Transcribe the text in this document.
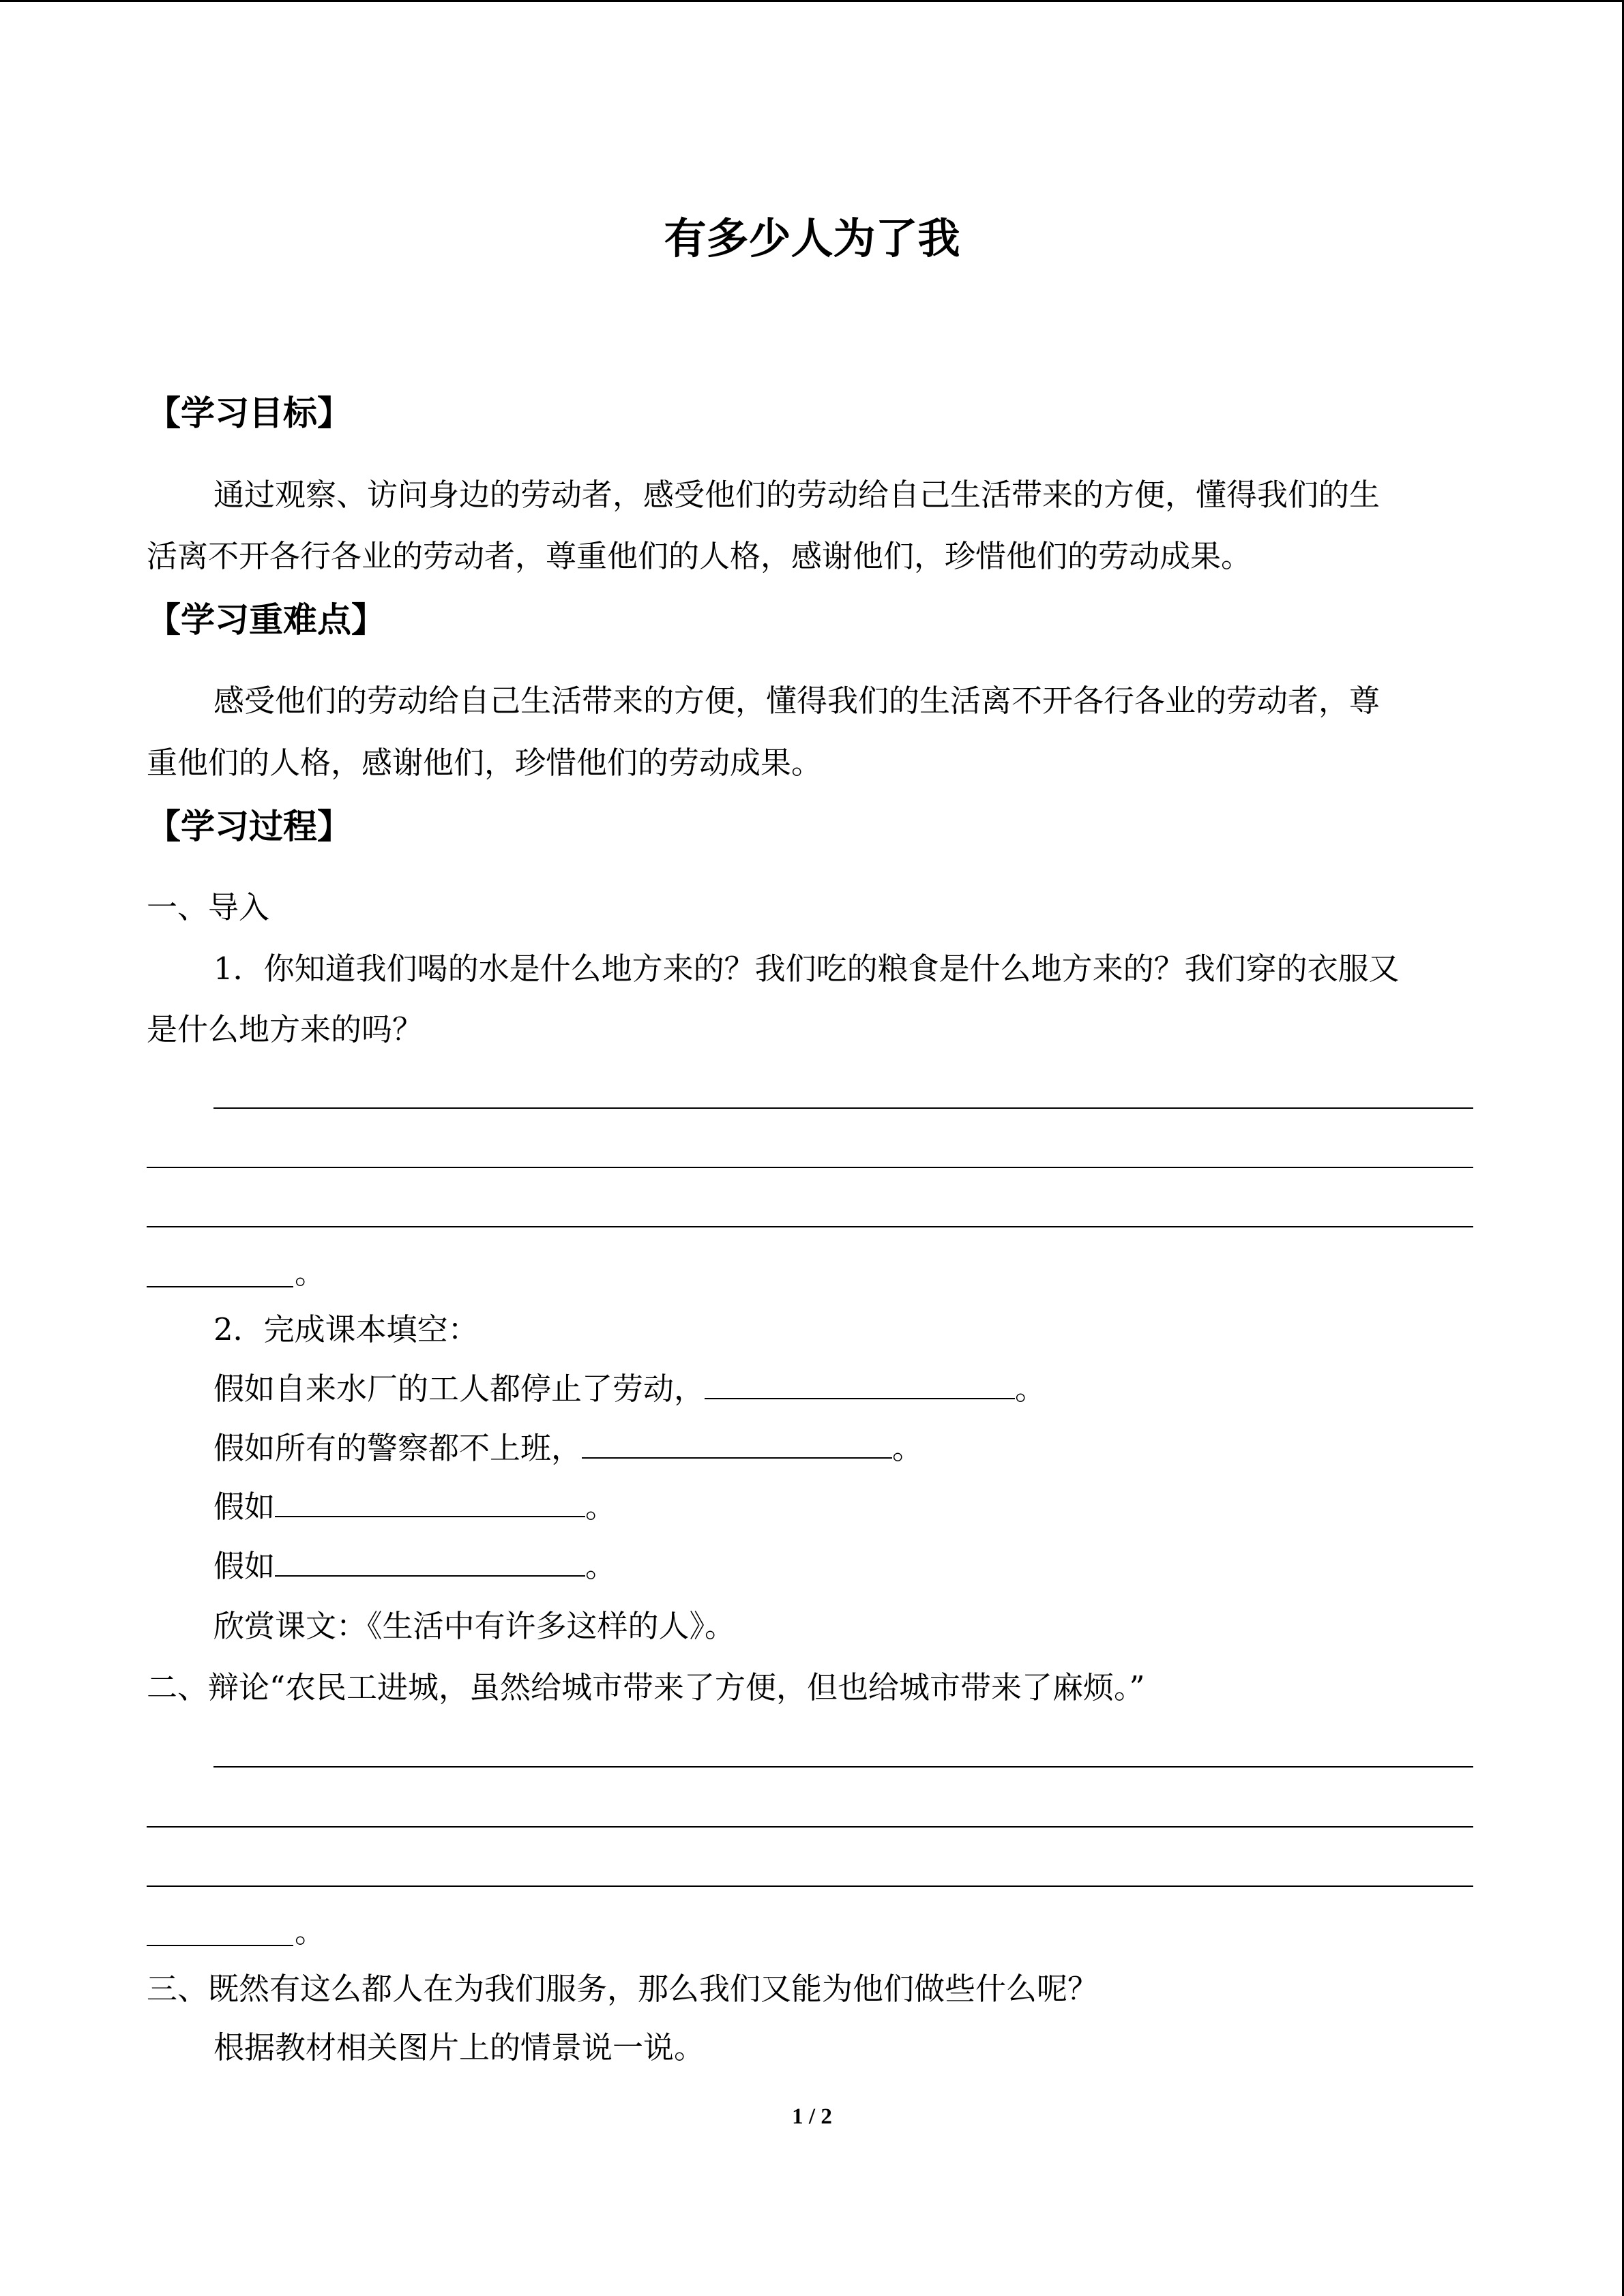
有多少人为了我
【学习目标】
通过观察、访问身边的劳动者，感受他们的劳动给自己生活带来的方便，懂得我们的生
活离不开各行各业的劳动者，尊重他们的人格，感谢他们，珍惜他们的劳动成果。
【学习重难点】
感受他们的劳动给自己生活带来的方便，懂得我们的生活离不开各行各业的劳动者，尊
重他们的人格，感谢他们，珍惜他们的劳动成果。
【学习过程】
一、导入
1．你知道我们喝的水是什么地方来的？我们吃的粮食是什么地方来的？我们穿的衣服又
是什么地方来的吗？
。
2．完成课本填空：
假如自来水厂的工人都停止了劳动，	。
假如所有的警察都不上班，	。
假如	。
假如	。
欣赏课文：《生活中有许多这样的人》。
二、辩论“农民工进城，虽然给城市带来了方便，但也给城市带来了麻烦。”
。
三、既然有这么都人在为我们服务，那么我们又能为他们做些什么呢？
根据教材相关图片上的情景说一说。
1 / 2
